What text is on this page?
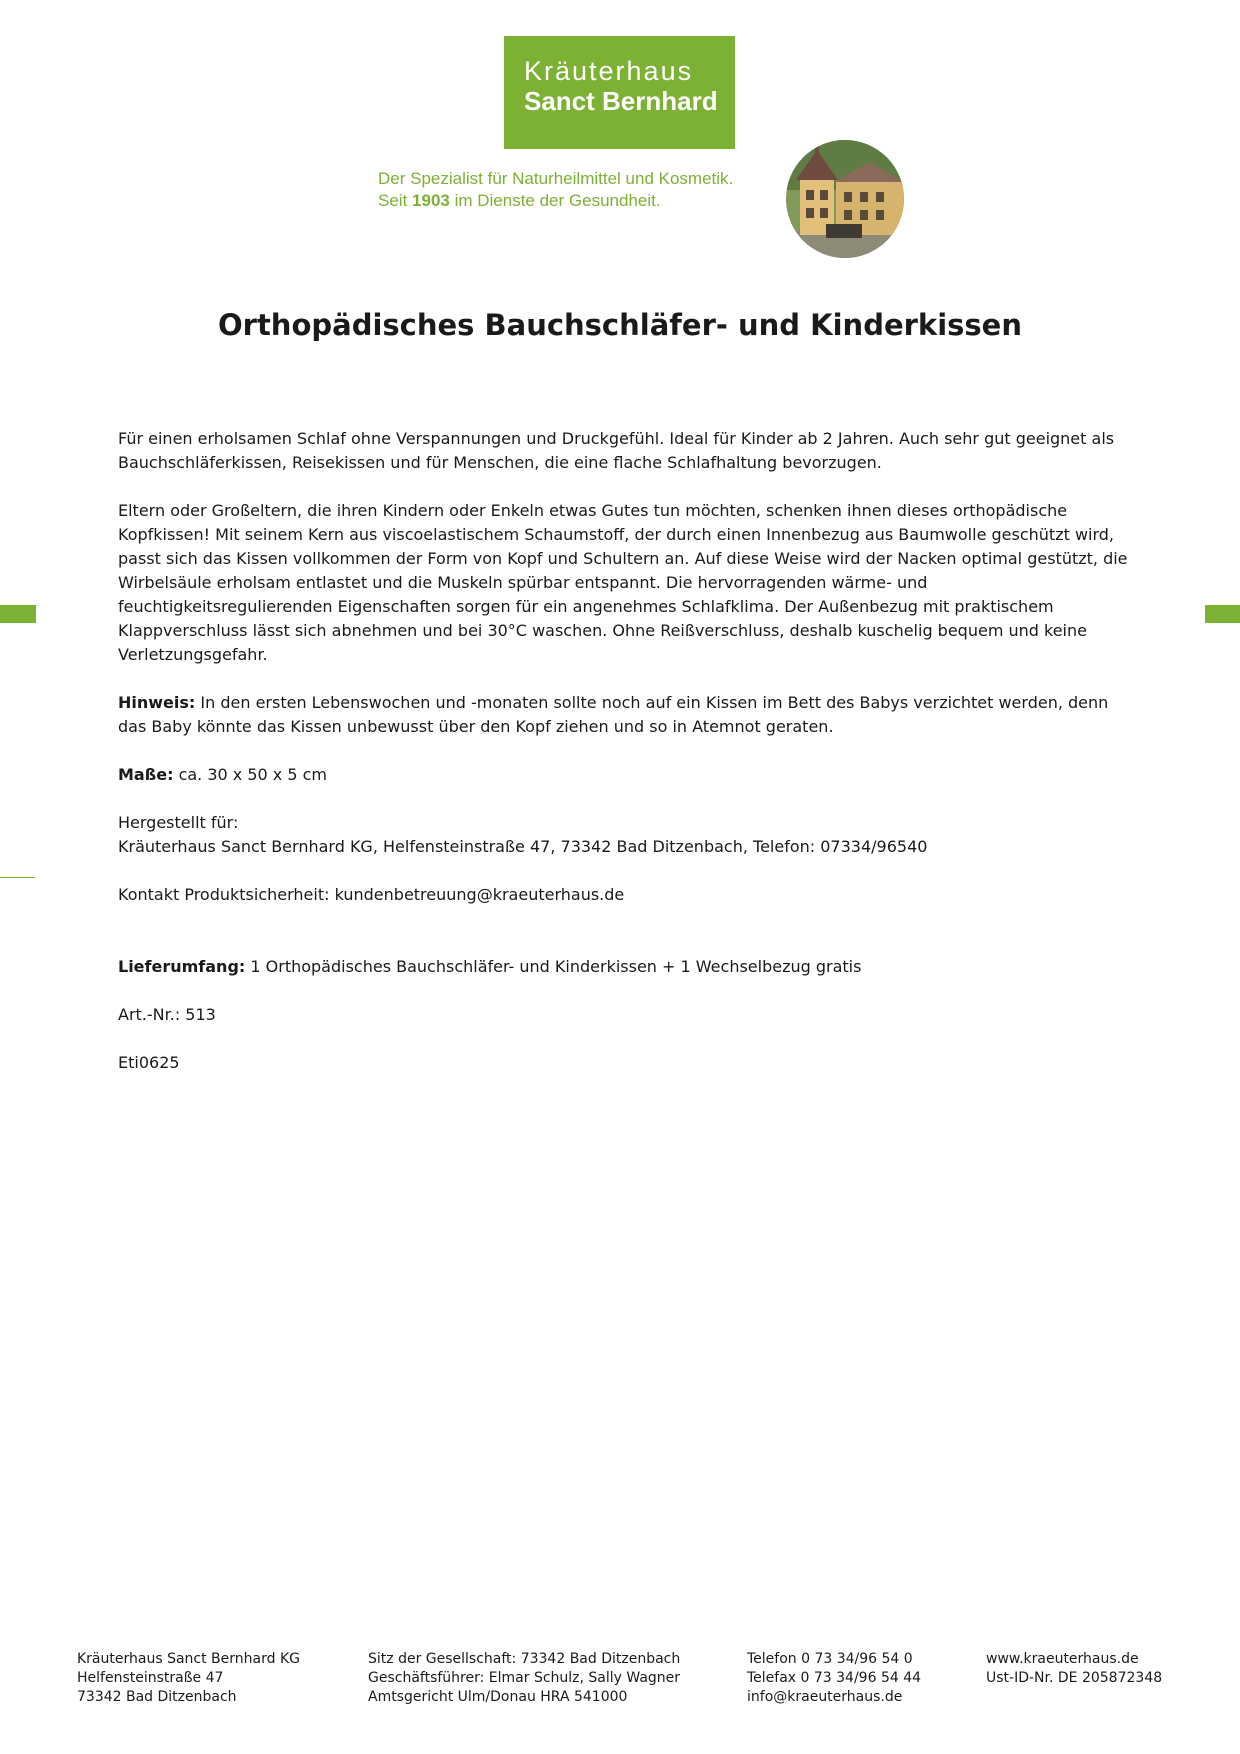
Kräuterhaus
Sanct Bernhard
Der Spezialist für Naturheilmittel und Kosmetik.
Seit 1903 im Dienste der Gesundheit.
Orthopädisches Bauchschläfer- und Kinderkissen

Für einen erholsamen Schlaf ohne Verspannungen und Druckgefühl. Ideal für Kinder ab 2 Jahren. Auch sehr gut geeignet als Bauchschläferkissen, Reisekissen und für Menschen, die eine flache Schlafhaltung bevorzugen.

Eltern oder Großeltern, die ihren Kindern oder Enkeln etwas Gutes tun möchten, schenken ihnen dieses orthopädische Kopfkissen! Mit seinem Kern aus viscoelastischem Schaumstoff, der durch einen Innenbezug aus Baumwolle geschützt wird, passt sich das Kissen vollkommen der Form von Kopf und Schultern an. Auf diese Weise wird der Nacken optimal gestützt, die Wirbelsäule erholsam entlastet und die Muskeln spürbar entspannt. Die hervorragenden wärme- und feuchtigkeitsregulierenden Eigenschaften sorgen für ein angenehmes Schlafklima. Der Außenbezug mit praktischem Klappverschluss lässt sich abnehmen und bei 30°C waschen. Ohne Reißverschluss, deshalb kuschelig bequem und keine Verletzungsgefahr.

Hinweis: In den ersten Lebenswochen und -monaten sollte noch auf ein Kissen im Bett des Babys verzichtet werden, denn das Baby könnte das Kissen unbewusst über den Kopf ziehen und so in Atemnot geraten.

Maße: ca. 30 x 50 x 5 cm

Hergestellt für:
Kräuterhaus Sanct Bernhard KG, Helfensteinstraße 47, 73342 Bad Ditzenbach, Telefon: 07334/96540

Kontakt Produktsicherheit: kundenbetreuung@kraeuterhaus.de

Lieferumfang: 1 Orthopädisches Bauchschläfer- und Kinderkissen + 1 Wechselbezug gratis

Art.-Nr.: 513

Eti0625

Kräuterhaus Sanct Bernhard KG
Helfensteinstraße 47
73342 Bad Ditzenbach
Sitz der Gesellschaft: 73342 Bad Ditzenbach
Geschäftsführer: Elmar Schulz, Sally Wagner
Amtsgericht Ulm/Donau HRA 541000
Telefon 0 73 34/96 54 0
Telefax 0 73 34/96 54 44
info@kraeuterhaus.de
www.kraeuterhaus.de
Ust-ID-Nr. DE 205872348
